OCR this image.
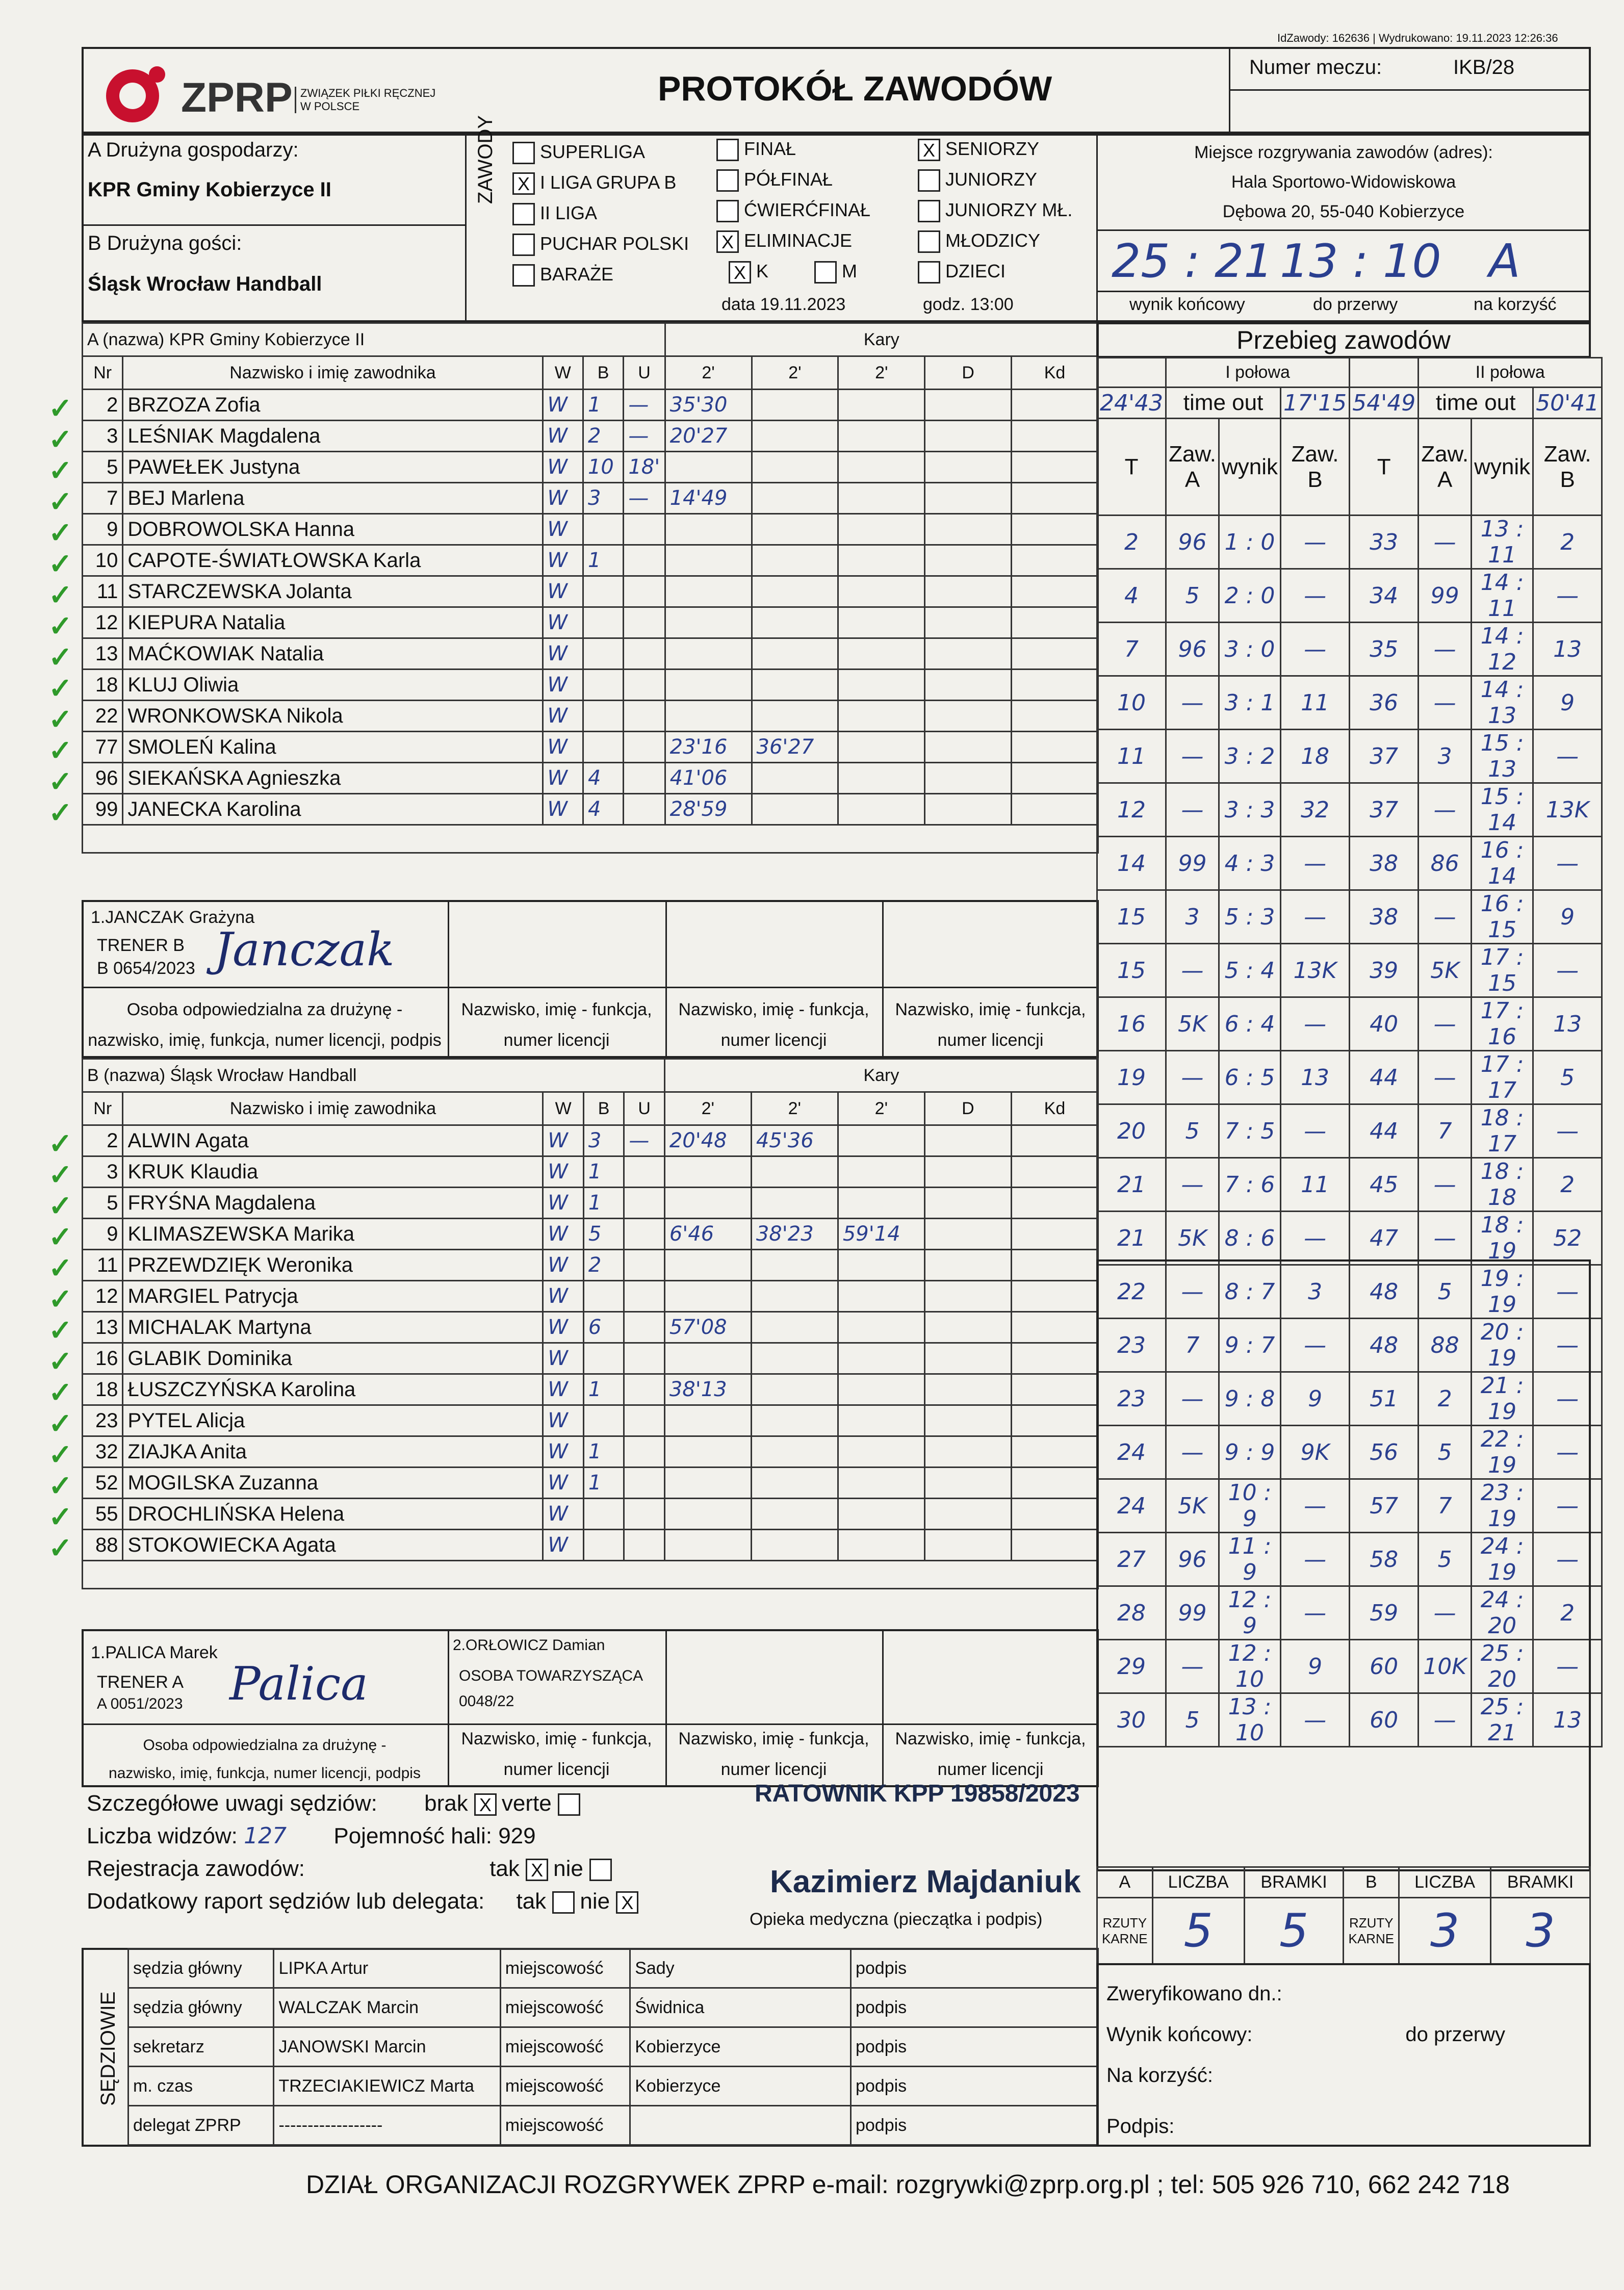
IdZawody: 162636 | Wydrukowano: 19.11.2023 12:26:36
ZPRP ZWIĄZEK PIŁKI RĘCZNEJ
W POLSCE	PROTOKÓŁ ZAWODÓW
Numer meczu:	IKB/28
A Drużyna gospodarzy:
KPR Gminy Kobierzyce II
B Drużyna gości:
Śląsk Wrocław Handball
ZAWODY	SUPERLIGA
X I LIGA GRUPA B
II LIGA
PUCHAR POLSKI
BARAŻE
FINAŁ
PÓŁFINAŁ
ĆWIERĆFINAŁ
X ELIMINACJE
X K	M
X SENIORZY
JUNIORZY
JUNIORZY MŁ.
MŁODZICY
DZIECI
data 19.11.2023	godz. 13:00
Miejsce rozgrywania zawodów (adres):
Hala Sportowo-Widowiskowa
Dębowa 20, 55-040 Kobierzyce
25 : 21 13 : 10 A
wynik końcowy	do przerwy	na korzyść
A (nazwa) KPR Gminy Kobierzyce II					Kary				
Nr	Nazwisko i imię zawodnika	W	B	U	2'	2'	2'	D	Kd
2	BRZOZA Zofia	W	1	—	35'30				
3	LEŚNIAK Magdalena	W	2	—	20'27				
5	PAWEŁEK Justyna	W	10	18'					
7	BEJ Marlena	W	3	—	14'49				
9	DOBROWOLSKA Hanna	W							
10	CAPOTE-ŚWIATŁOWSKA Karla	W	1						
11	STARCZEWSKA Jolanta	W							
12	KIEPURA Natalia	W							
13	MAĆKOWIAK Natalia	W							
18	KLUJ Oliwia	W							
22	WRONKOWSKA Nikola	W							
77	SMOLEŃ Kalina	W			23'16	36'27			
96	SIEKAŃSKA Agnieszka	W	4		41'06				
99	JANECKA Karolina	W	4		28'59				

1.JANCZAK Grażyna
TRENER B
B 0654/2023 Janczak
Osoba odpowiedzialna za drużynę -
nazwisko, imię, funkcja, numer licencji, podpis
Nazwisko, imię - funkcja,
numer licencji
Nazwisko, imię - funkcja,
numer licencji
Nazwisko, imię - funkcja,
numer licencji
B (nazwa) Śląsk Wrocław Handball					Kary				
Nr	Nazwisko i imię zawodnika	W	B	U	2'	2'	2'	D	Kd
2	ALWIN Agata	W	3	—	20'48	45'36			
3	KRUK Klaudia	W	1						
5	FRYŚNA Magdalena	W	1						
9	KLIMASZEWSKA Marika	W	5		6'46	38'23	59'14		
11	PRZEWDZIĘK Weronika	W	2						
12	MARGIEL Patrycja	W							
13	MICHALAK Martyna	W	6		57'08				
16	GLABIK Dominika	W							
18	ŁUSZCZYŃSKA Karolina	W	1		38'13				
23	PYTEL Alicja	W							
32	ZIAJKA Anita	W	1						
52	MOGILSKA Zuzanna	W	1						
55	DROCHLIŃSKA Helena	W							
88	STOKOWIECKA Agata	W							

1.PALICA Marek
TRENER A
A 0051/2023 Palica
2.ORŁOWICZ Damian
OSOBA TOWARZYSZĄCA
0048/22
Osoba odpowiedzialna za drużynę -
nazwisko, imię, funkcja, numer licencji, podpis
Nazwisko, imię - funkcja,
numer licencji
Nazwisko, imię - funkcja,
numer licencji
Nazwisko, imię - funkcja,
numer licencji
Przebieg zawodów
	I połowa				II połowa		
24'43	time out		17'15	54'49	time out		50'41
T	Zaw. A	wynik	Zaw. B	T	Zaw. A	wynik	Zaw. B
2	96	1 : 0	—	33	—	13 : 11	2
4	5	2 : 0	—	34	99	14 : 11	—
7	96	3 : 0	—	35	—	14 : 12	13
10	—	3 : 1	11	36	—	14 : 13	9
11	—	3 : 2	18	37	3	15 : 13	—
12	—	3 : 3	32	37	—	15 : 14	13K
14	99	4 : 3	—	38	86	16 : 14	—
15	3	5 : 3	—	38	—	16 : 15	9
15	—	5 : 4	13K	39	5K	17 : 15	—
16	5K	6 : 4	—	40	—	17 : 16	13
19	—	6 : 5	13	44	—	17 : 17	5
20	5	7 : 5	—	44	7	18 : 17	—
21	—	7 : 6	11	45	—	18 : 18	2
21	5K	8 : 6	—	47	—	18 : 19	52
22	—	8 : 7	3	48	5	19 : 19	—
23	7	9 : 7	—	48	88	20 : 19	—
23	—	9 : 8	9	51	2	21 : 19	—
24	—	9 : 9	9K	56	5	22 : 19	—
24	5K	10 : 9	—	57	7	23 : 19	—
27	96	11 : 9	—	58	5	24 : 19	—
28	99	12 : 9	—	59	—	24 : 20	2
29	—	12 : 10	9	60	10K	25 : 20	—
30	5	13 : 10	—	60	—	25 : 21	13
A	LICZBA	BRAMKI	B	LICZBA	BRAMKI
RZUTY KARNE	5	5	RZUTY KARNE	3	3
Szczegółowe uwagi sędziów: brak X verte
Liczba widzów: 127 Pojemność hali: 929
Rejestracja zawodów:	tak X nie
Dodatkowy raport sędziów lub delegata: tak nie X
RATOWNIK KPP 19858/2023
Kazimierz Majdaniuk
Opieka medyczna (pieczątka i podpis)
SĘDZIOWIE
sędzia główny	LIPKA Artur	miejscowość	Sady	podpis
sędzia główny	WALCZAK Marcin	miejscowość	Świdnica	podpis
sekretarz	JANOWSKI Marcin	miejscowość	Kobierzyce	podpis
m. czas	TRZECIAKIEWICZ Marta	miejscowość	Kobierzyce	podpis
delegat ZPRP	------------------	miejscowość		podpis
Zweryfikowano dn.:
Wynik końcowy:	do przerwy
Na korzyść:
Podpis:
DZIAŁ ORGANIZACJI ROZGRYWEK ZPRP e-mail: rozgrywki@zprp.org.pl ; tel: 505 926 710, 662 242 718
✓
✓
✓
✓
✓
✓
✓
✓
✓
✓
✓
✓
✓
✓
✓
✓
✓
✓
✓
✓
✓
✓
✓
✓
✓
✓
✓
✓
